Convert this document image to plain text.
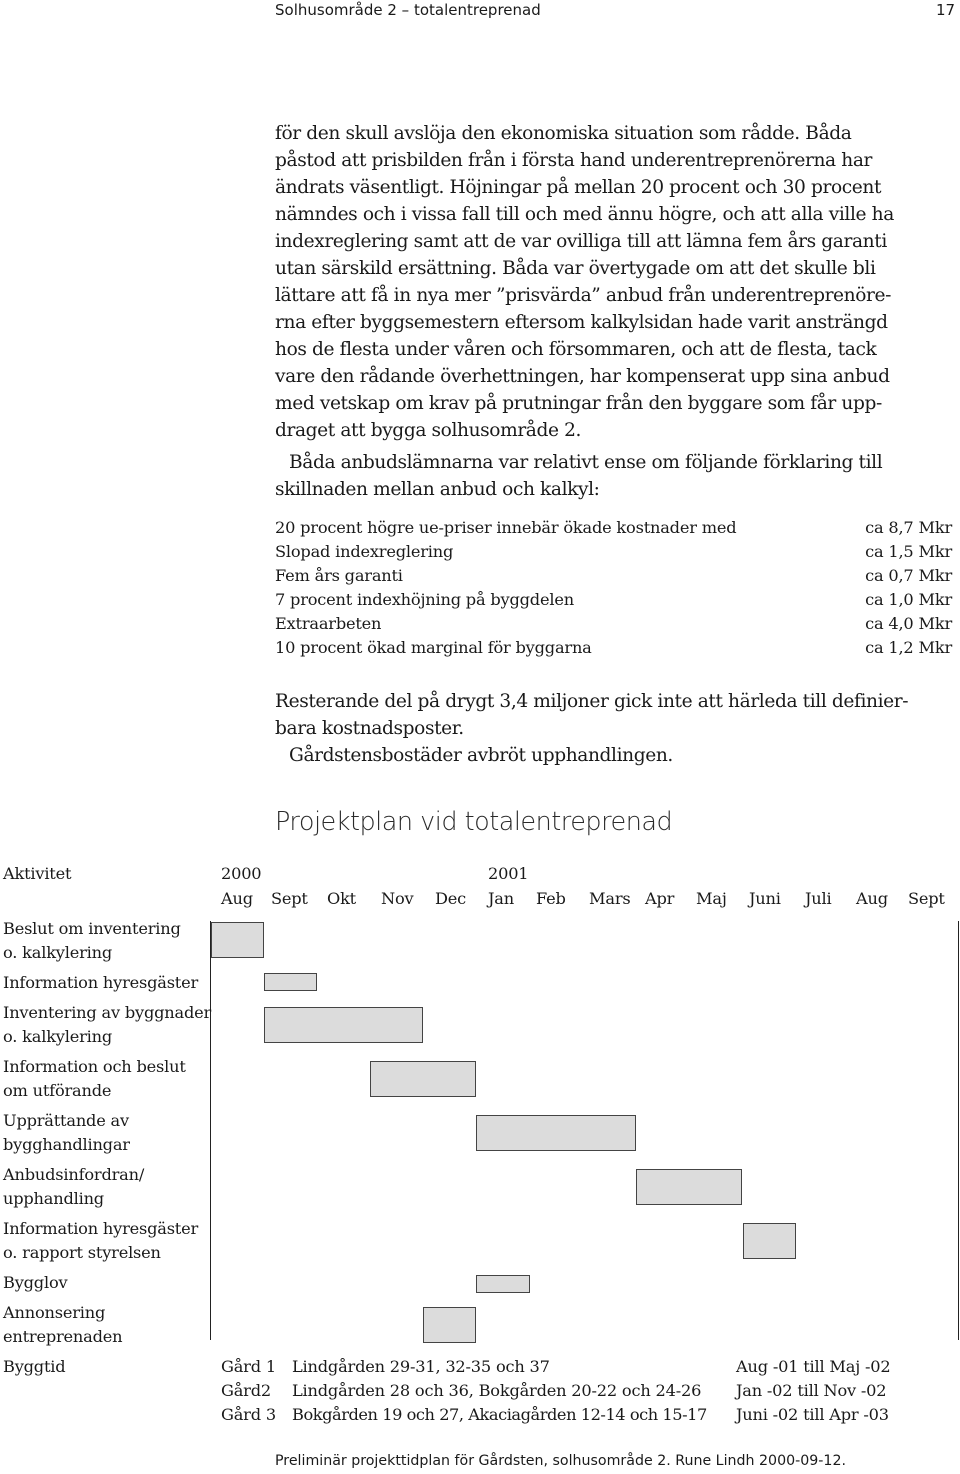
Solhusområde 2 – totalentreprenad	17
för den skull avslöja den ekonomiska situation som rådde. Båda
påstod att prisbilden från i första hand underentreprenörerna har
ändrats väsentligt. Höjningar på mellan 20 procent och 30 procent
nämndes och i vissa fall till och med ännu högre, och att alla ville ha
indexreglering samt att de var ovilliga till att lämna fem års garanti
utan särskild ersättning. Båda var övertygade om att det skulle bli
lättare att få in nya mer ”prisvärda” anbud från underentreprenöre-
rna efter byggsemestern eftersom kalkylsidan hade varit ansträngd
hos de flesta under våren och försommaren, och att de flesta, tack
vare den rådande överhettningen, har kompenserat upp sina anbud
med vetskap om krav på prutningar från den byggare som får upp-
draget att bygga solhusområde 2.
Båda anbudslämnarna var relativt ense om följande förklaring till
skillnaden mellan anbud och kalkyl:
20 procent högre ue-priser innebär ökade kostnader med	ca 8,7 Mkr
Slopad indexreglering	ca 1,5 Mkr
Fem års garanti	ca 0,7 Mkr
7 procent indexhöjning på byggdelen	ca 1,0 Mkr
Extraarbeten	ca 4,0 Mkr
10 procent ökad marginal för byggarna	ca 1,2 Mkr
Resterande del på drygt 3,4 miljoner gick inte att härleda till definier-
bara kostnadsposter.
Gårdstensbostäder avbröt upphandlingen.
Projektplan vid totalentreprenad
Aktivitet	2000	2001
Aug Sept Okt Nov Dec Jan Feb Mars Apr Maj Juni Juli Aug Sept
Beslut om inventering
o. kalkylering
Information hyresgäster
Inventering av byggnader
o. kalkylering
Information och beslut
om utförande
Upprättande av
bygghandlingar
Anbudsinfordran/
upphandling
Information hyresgäster
o. rapport styrelsen
Bygglov
Annonsering
entreprenaden
Byggtid	Gård 1 Lindgården 29-31, 32-35 och 37	Aug -01 till Maj -02
Gård2 Lindgården 28 och 36, Bokgården 20-22 och 24-26 Jan -02 till Nov -02
Gård 3 Bokgården 19 och 27, Akaciagården 12-14 och 15-17 Juni -02 till Apr -03
Preliminär projekttidplan för Gårdsten, solhusområde 2. Rune Lindh 2000-09-12.
